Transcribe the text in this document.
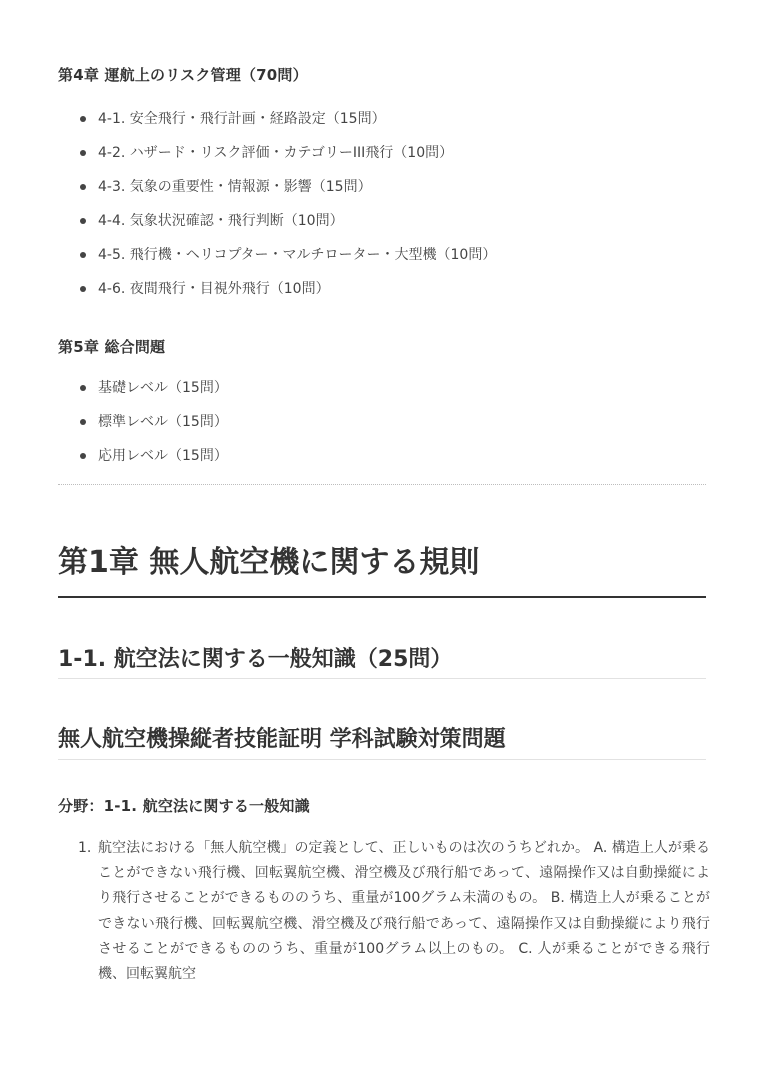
第4章 運航上のリスク管理（70問）
4-1. 安全飛行・飛行計画・経路設定（15問）
4-2. ハザード・リスク評価・カテゴリーIII飛行（10問）
4-3. 気象の重要性・情報源・影響（15問）
4-4. 気象状況確認・飛行判断（10問）
4-5. 飛行機・ヘリコプター・マルチローター・大型機（10問）
4-6. 夜間飛行・目視外飛行（10問）
第5章 総合問題
基礎レベル（15問）
標準レベル（15問）
応用レベル（15問）
第1章 無人航空機に関する規則
1-1. 航空法に関する一般知識（25問）
無人航空機操縦者技能証明 学科試験対策問題
分野：1-1. 航空法に関する一般知識
1. 航空法における「無人航空機」の定義として、正しいものは次のうちどれか。 A. 構造上人が乗ることができない飛行機、回転翼航空機、滑空機及び飛行船であって、遠隔操作又は自動操縦により飛行させることができるもののうち、重量が100グラム未満のもの。 B. 構造上人が乗ることができない飛行機、回転翼航空機、滑空機及び飛行船であって、遠隔操作又は自動操縦により飛行させることができるもののうち、重量が100グラム以上のもの。 C. 人が乗ることができる飛行機、回転翼航空
